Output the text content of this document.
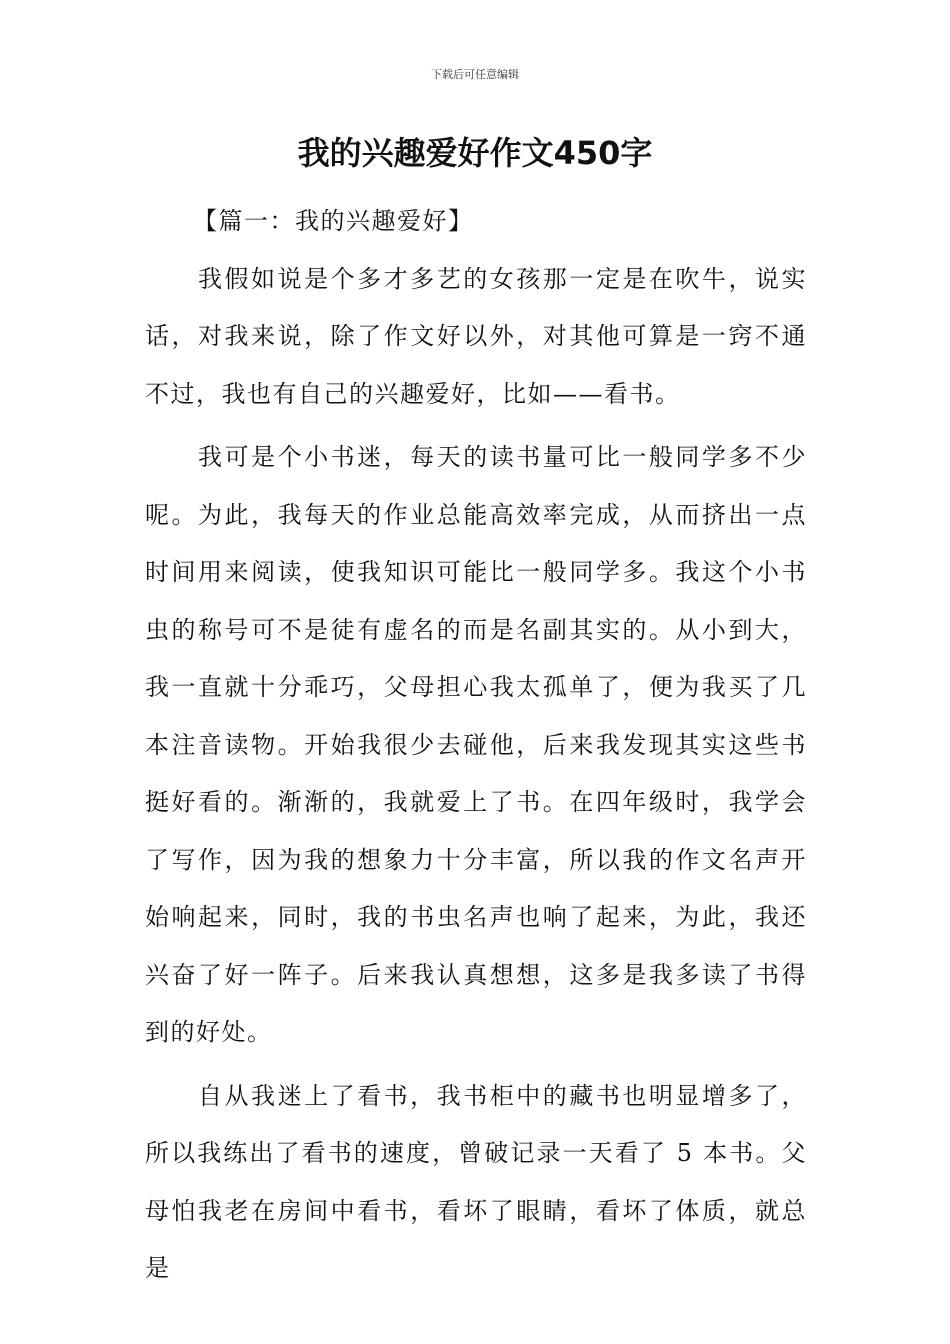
下载后可任意编辑
我的兴趣爱好作文450字

【篇一：我的兴趣爱好】

我假如说是个多才多艺的女孩那一定是在吹牛，说实话，对我来说，除了作文好以外，对其他可算是一窍不通不过，我也有自己的兴趣爱好，比如——看书。

我可是个小书迷，每天的读书量可比一般同学多不少呢。为此，我每天的作业总能高效率完成，从而挤出一点时间用来阅读，使我知识可能比一般同学多。我这个小书虫的称号可不是徒有虚名的而是名副其实的。从小到大，我一直就十分乖巧，父母担心我太孤单了，便为我买了几本注音读物。开始我很少去碰他，后来我发现其实这些书挺好看的。渐渐的，我就爱上了书。在四年级时，我学会了写作，因为我的想象力十分丰富，所以我的作文名声开始响起来，同时，我的书虫名声也响了起来，为此，我还兴奋了好一阵子。后来我认真想想，这多是我多读了书得到的好处。

自从我迷上了看书，我书柜中的藏书也明显增多了，所以我练出了看书的速度，曾破记录一天看了 5 本书。父母怕我老在房间中看书，看坏了眼睛，看坏了体质，就总是
